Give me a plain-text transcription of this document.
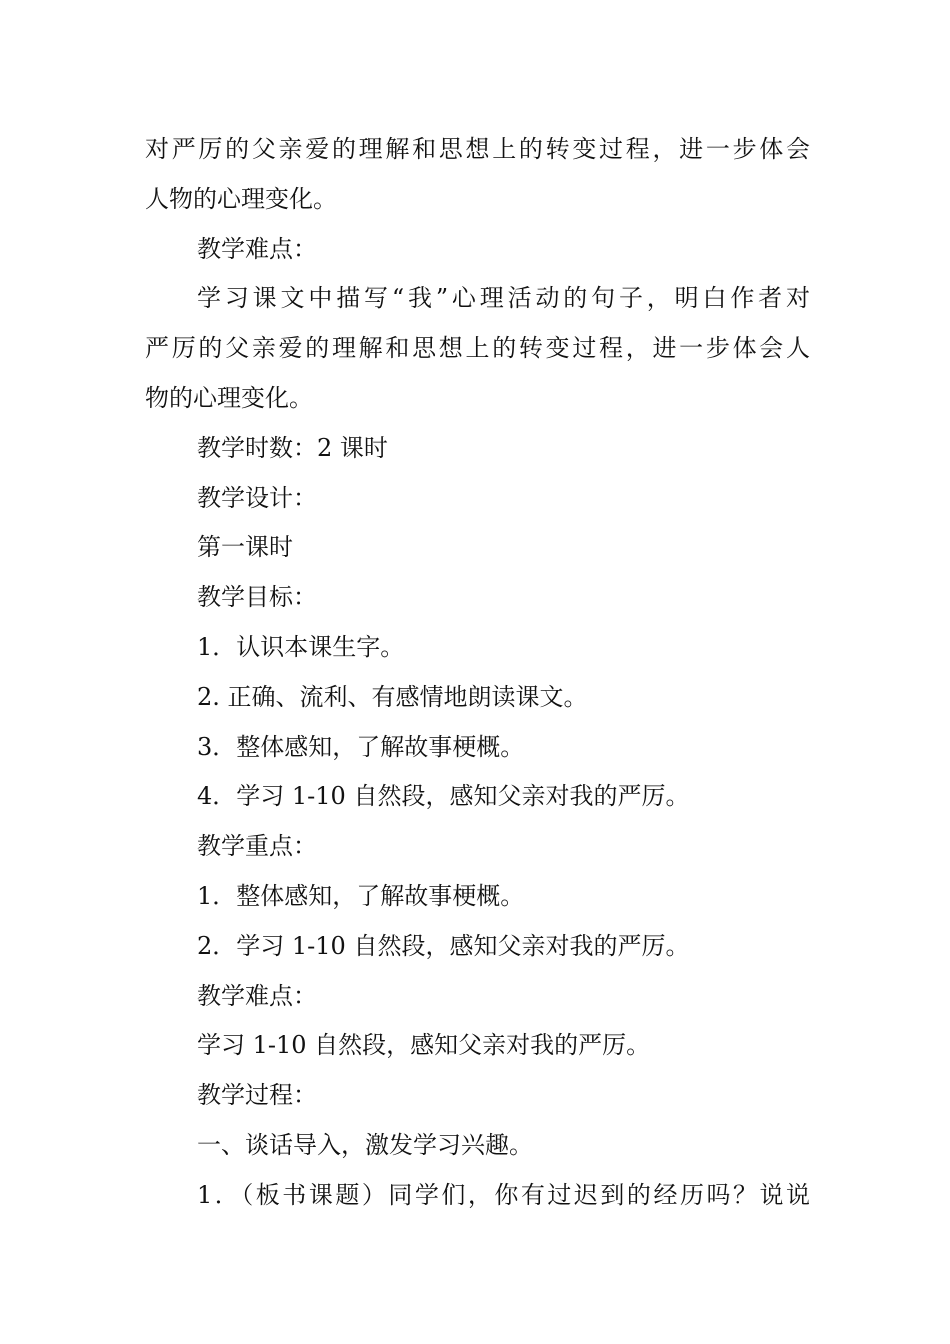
对严厉的父亲爱的理解和思想上的转变过程，进一步体会
人物的心理变化。
教学难点：
学习课文中描写“我”心理活动的句子，明白作者对
严厉的父亲爱的理解和思想上的转变过程，进一步体会人
物的心理变化。
教学时数：2 课时
教学设计：
第一课时
教学目标：
1．认识本课生字。
2. 正确、流利、有感情地朗读课文。
3．整体感知，了解故事梗概。
4．学习 1-10 自然段，感知父亲对我的严厉。
教学重点：
1．整体感知，了解故事梗概。
2．学习 1-10 自然段，感知父亲对我的严厉。
教学难点：
学习 1-10 自然段，感知父亲对我的严厉。
教学过程：
一、谈话导入，激发学习兴趣。
1．（板书课题）同学们，你有过迟到的经历吗？说说
